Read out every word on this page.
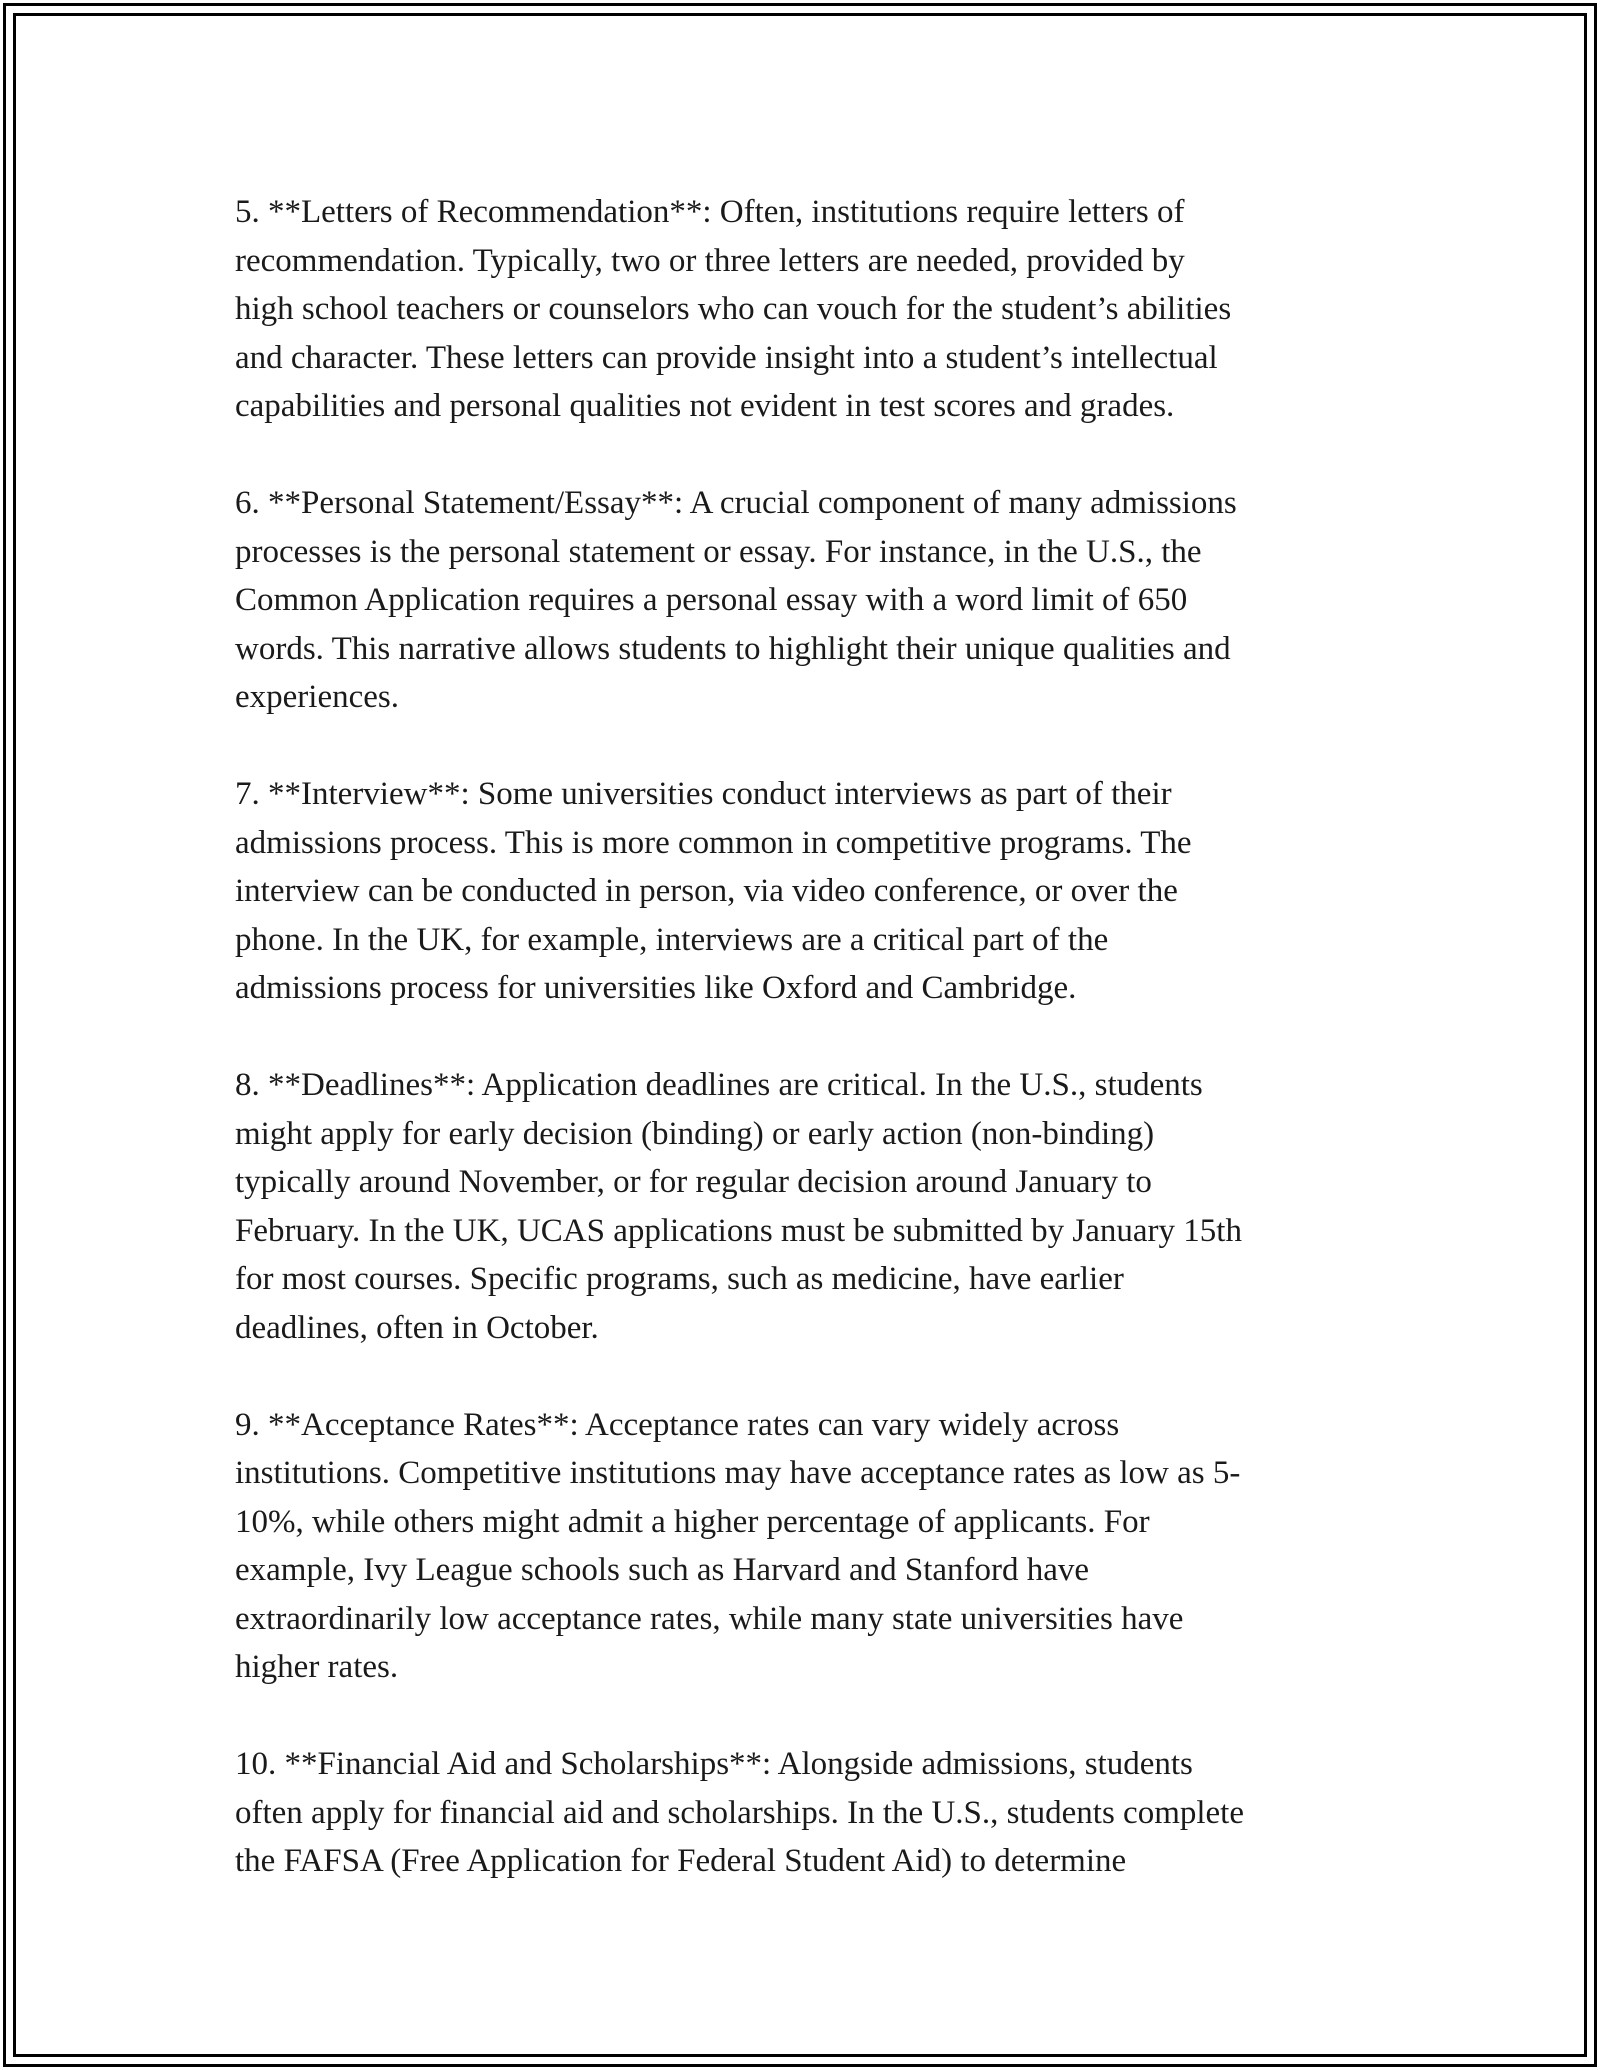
5. **Letters of Recommendation**: Often, institutions require letters of
recommendation. Typically, two or three letters are needed, provided by
high school teachers or counselors who can vouch for the student’s abilities
and character. These letters can provide insight into a student’s intellectual
capabilities and personal qualities not evident in test scores and grades.

6. **Personal Statement/Essay**: A crucial component of many admissions
processes is the personal statement or essay. For instance, in the U.S., the
Common Application requires a personal essay with a word limit of 650
words. This narrative allows students to highlight their unique qualities and
experiences.

7. **Interview**: Some universities conduct interviews as part of their
admissions process. This is more common in competitive programs. The
interview can be conducted in person, via video conference, or over the
phone. In the UK, for example, interviews are a critical part of the
admissions process for universities like Oxford and Cambridge.

8. **Deadlines**: Application deadlines are critical. In the U.S., students
might apply for early decision (binding) or early action (non-binding)
typically around November, or for regular decision around January to
February. In the UK, UCAS applications must be submitted by January 15th
for most courses. Specific programs, such as medicine, have earlier
deadlines, often in October.

9. **Acceptance Rates**: Acceptance rates can vary widely across
institutions. Competitive institutions may have acceptance rates as low as 5-
10%, while others might admit a higher percentage of applicants. For
example, Ivy League schools such as Harvard and Stanford have
extraordinarily low acceptance rates, while many state universities have
higher rates.

10. **Financial Aid and Scholarships**: Alongside admissions, students
often apply for financial aid and scholarships. In the U.S., students complete
the FAFSA (Free Application for Federal Student Aid) to determine
